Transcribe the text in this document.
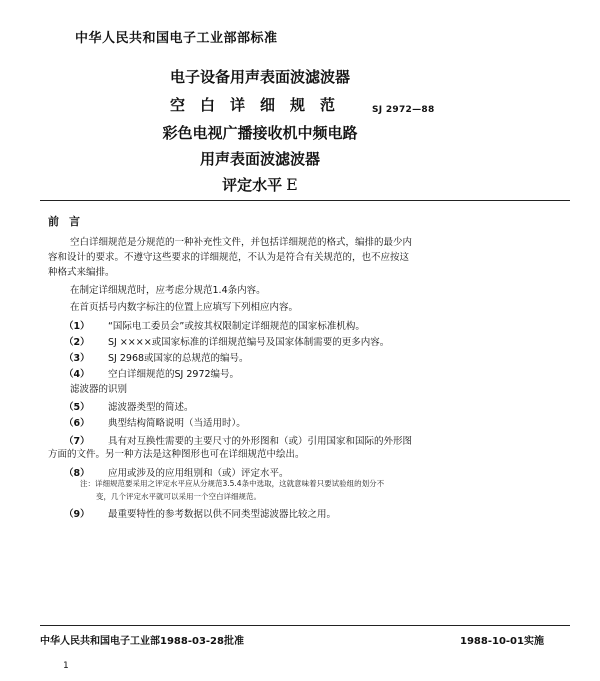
中华人民共和国电子工业部部标准
电子设备用声表面波滤波器
空白详细规范
彩色电视广播接收机中频电路
用声表面波滤波器
评定水平 E
SJ 2972—88
前言
空白详细规范是分规范的一种补充性文件，并包括详细规范的格式，编排的最少内
容和设计的要求。不遵守这些要求的详细规范，不认为是符合有关规范的，也不应按这
种格式来编排。
在制定详细规范时，应考虑分规范1.4条内容。
在首页括号内数字标注的位置上应填写下列相应内容。
（1） “国际电工委员会”或按其权限制定详细规范的国家标准机构。
（2） SJ ××××或国家标准的详细规范编号及国家体制需要的更多内容。
（3） SJ 2968或国家的总规范的编号。
（4） 空白详细规范的SJ 2972编号。
滤波器的识别
（5） 滤波器类型的简述。
（6） 典型结构简略说明（当适用时）。
（7） 具有对互换性需要的主要尺寸的外形图和（或）引用国家和国际的外形图
方面的文件。另一种方法是这种图形也可在详细规范中绘出。
（8） 应用或涉及的应用组别和（或）评定水平。
注：详细规范要采用之评定水平应从分规范3.5.4条中选取，这就意味着只要试验组的划分不
变，几个评定水平就可以采用一个空白详细规范。
（9） 最重要特性的参考数据以供不同类型滤波器比较之用。
中华人民共和国电子工业部1988-03-28批准	1988-10-01实施
1
